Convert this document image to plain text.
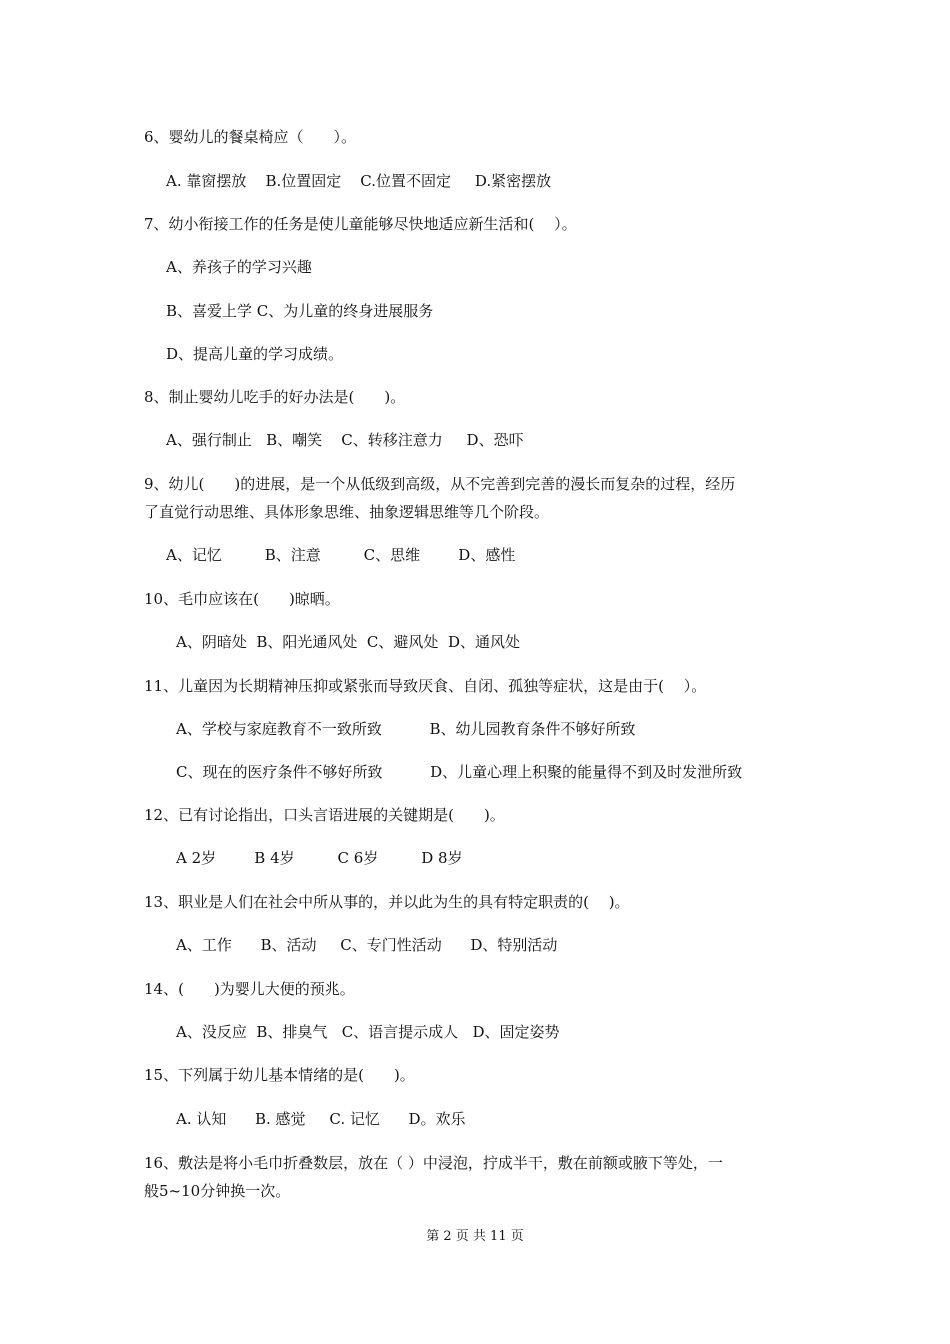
6、婴幼儿的餐桌椅应（　　）。
A. 靠窗摆放    B.位置固定    C.位置不固定     D.紧密摆放
7、幼小衔接工作的任务是使儿童能够尽快地适应新生活和(　 ）。
A、养孩子的学习兴趣
B、喜爱上学 C、为儿童的终身进展服务
D、提高儿童的学习成绩。
8、制止婴幼儿吃手的好办法是(　　)。
A、强行制止   B、嘲笑    C、转移注意力     D、恐吓
9、幼儿(　　)的进展，是一个从低级到高级，从不完善到完善的漫长而复杂的过程，经历
了直觉行动思维、具体形象思维、抽象逻辑思维等几个阶段。
A、记忆         B、注意         C、思维        D、感性
10、毛巾应该在(　　)晾晒。
A、阴暗处  B、阳光通风处  C、避风处  D、通风处
11、儿童因为长期精神压抑或紧张而导致厌食、自闭、孤独等症状，这是由于(　 ）。
A、学校与家庭教育不一致所致          B、幼儿园教育条件不够好所致
C、现在的医疗条件不够好所致          D、儿童心理上积聚的能量得不到及时发泄所致
12、已有讨论指出，口头言语进展的关键期是(　　)。
A 2岁        B 4岁         C 6岁         D 8岁
13、职业是人们在社会中所从事的，并以此为生的具有特定职责的(　 )。
A、工作      B、活动     C、专门性活动      D、特别活动
14、(　　)为婴儿大便的预兆。
A、没反应  B、排臭气   C、语言提示成人   D、固定姿势
15、下列属于幼儿基本情绪的是(　　)。
A. 认知      B. 感觉     C. 记忆      D。欢乐
16、敷法是将小毛巾折叠数层，放在（ ）中浸泡，拧成半干，敷在前额或腋下等处，一
般5~10分钟换一次。
第 2 页 共 11 页
